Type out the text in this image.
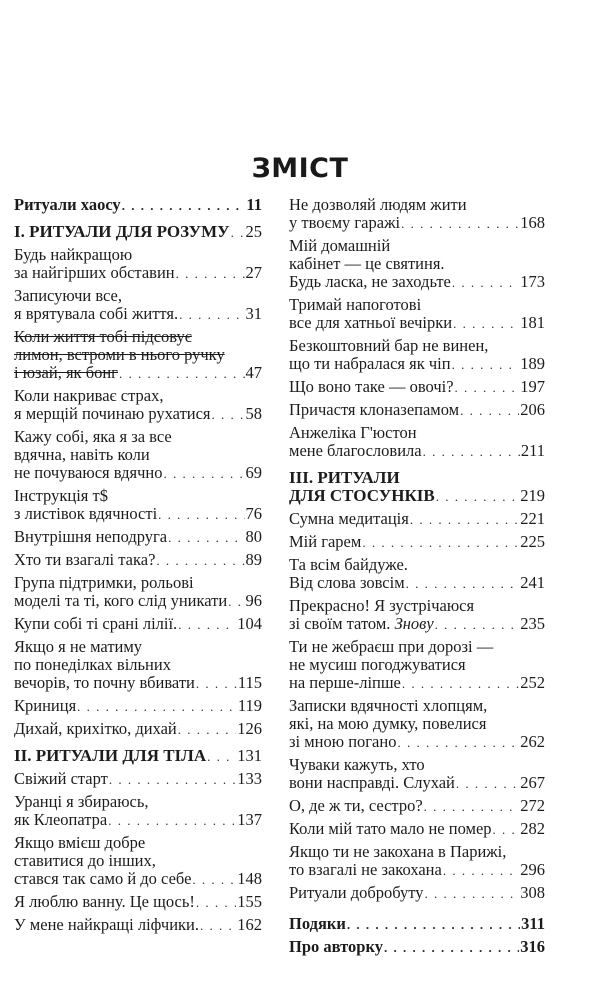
ЗМІСТ
Ритуали хаосу . . .	11
І. РИТУАЛИ ДЛЯ РОЗУМУ . . . 25
Будь найкращою
за найгірших обставин . . .	27
Записуючи все,
я врятувала собі життя. . . .	31
Коли життя тобі підсовує
лимон, встроми в нього ручку
і юзай, як бонг . . .	47
Коли накриває страх,
я мерщій починаю рухатися . . . 58
Кажу собі, яка я за все
вдячна, навіть коли
не почуваюся вдячно . . .	69
Інструкція т$
з листівок вдячності . . .	76
Внутрішня неподруга . . .	80
Хто ти взагалі така? . . .	89
Група підтримки, рольові
моделі та ті, кого слід уникати . . . 96
Купи собі ті срані лілії. . . .	104
Якщо я не матиму
по понеділках вільних
вечорів, то почну вбивати . . .	115
Криниця . . .	119
Дихай, крихітко, дихай . . .	126
ІІ. РИТУАЛИ ДЛЯ ТІЛА . . . 131
Свіжий старт . . .	133
Уранці я збираюсь,
як Клеопатра . . .	137
Якщо вмієш добре
ставитися до інших,
стався так само й до себе . . .	148
Я люблю ванну. Це щось! . . .	155
У мене найкращі ліфчики. . . . 162
Не дозволяй людям жити
у твоєму гаражі . . .	168
Мій домашній
кабінет — це святиня.
Будь ласка, не заходьте . . .	173
Тримай напоготові
все для хатньої вечірки . . .	181
Безкоштовний бар не винен,
що ти набралася як чіп . . .	189
Що воно таке — овочі? . . .	197
Причастя клоназепамом . . .	206
Анжеліка Г'юстон
мене благословила . . .	211
ІІІ. РИТУАЛИ
ДЛЯ СТОСУНКІВ . . .	219
Сумна медитація . . .	221
Мій гарем . . .	225
Та всім байдуже.
Від слова зовсім . . .	241
Прекрасно! Я зустрічаюся
зі своїм татом. Знову . . .	235
Ти не жебраєш при дорозі —
не мусиш погоджуватися
на перше-ліпше . . .	252
Записки вдячності хлопцям,
які, на мою думку, повелися
зі мною погано . . .	262
Чуваки кажуть, хто
вони насправді. Слухай . . .	267
О, де ж ти, сестро? . . .	272
Коли мій тато мало не помер . . . 282
Якщо ти не закохана в Парижі,
то взагалі не закохана . . .	296
Ритуали добробуту . . .	308
Подяки . . .	311
Про авторку . . .	316
